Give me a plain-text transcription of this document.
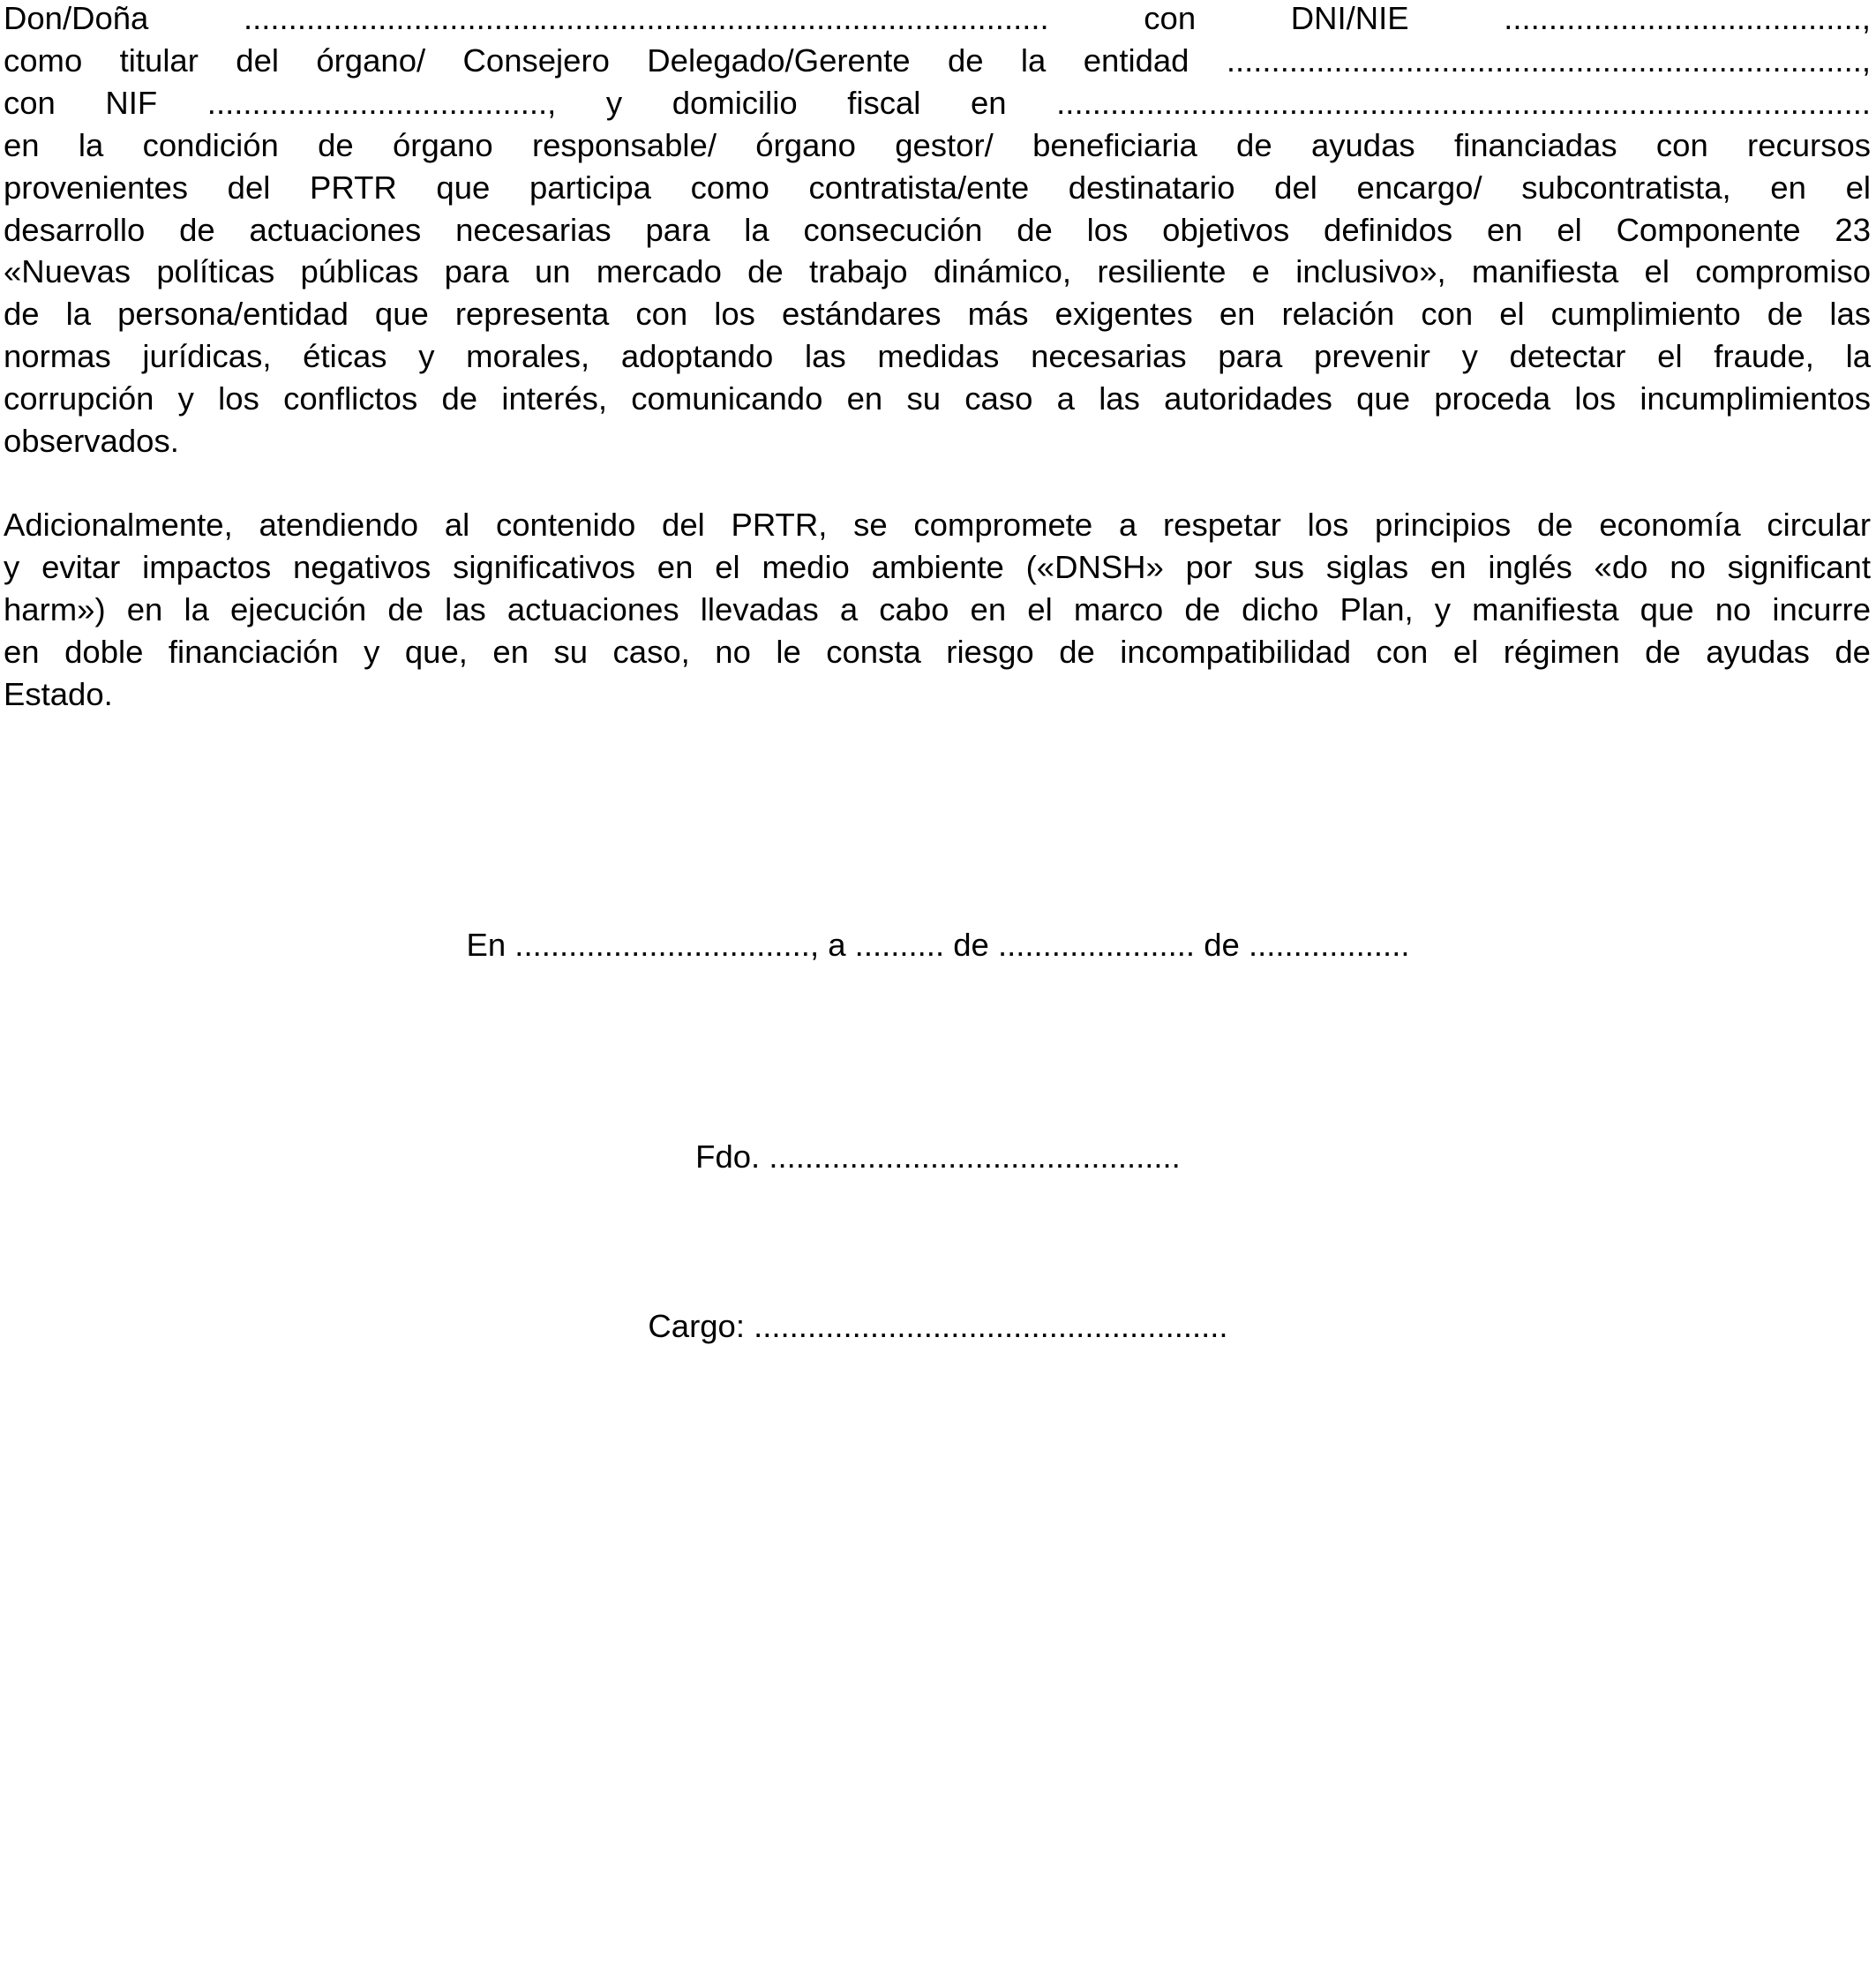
Don/Doña .......................................................................................... con DNI/NIE ........................................,
como titular del órgano/ Consejero Delegado/Gerente de la entidad .......................................................................,
con NIF ......................................, y domicilio fiscal en ...........................................................................................
en la condición de órgano responsable/ órgano gestor/ beneficiaria de ayudas financiadas con recursos
provenientes del PRTR que participa como contratista/ente destinatario del encargo/ subcontratista, en el
desarrollo de actuaciones necesarias para la consecución de los objetivos definidos en el Componente 23
«Nuevas políticas públicas para un mercado de trabajo dinámico, resiliente e inclusivo», manifiesta el compromiso
de la persona/entidad que representa con los estándares más exigentes en relación con el cumplimiento de las
normas jurídicas, éticas y morales, adoptando las medidas necesarias para prevenir y detectar el fraude, la
corrupción y los conflictos de interés, comunicando en su caso a las autoridades que proceda los incumplimientos
observados.
Adicionalmente, atendiendo al contenido del PRTR, se compromete a respetar los principios de economía circular
y evitar impactos negativos significativos en el medio ambiente («DNSH» por sus siglas en inglés «do no significant
harm») en la ejecución de las actuaciones llevadas a cabo en el marco de dicho Plan, y manifiesta que no incurre
en doble financiación y que, en su caso, no le consta riesgo de incompatibilidad con el régimen de ayudas de
Estado.

En ................................., a .......... de ...................... de ..................

Fdo. ..............................................

Cargo: .....................................................
